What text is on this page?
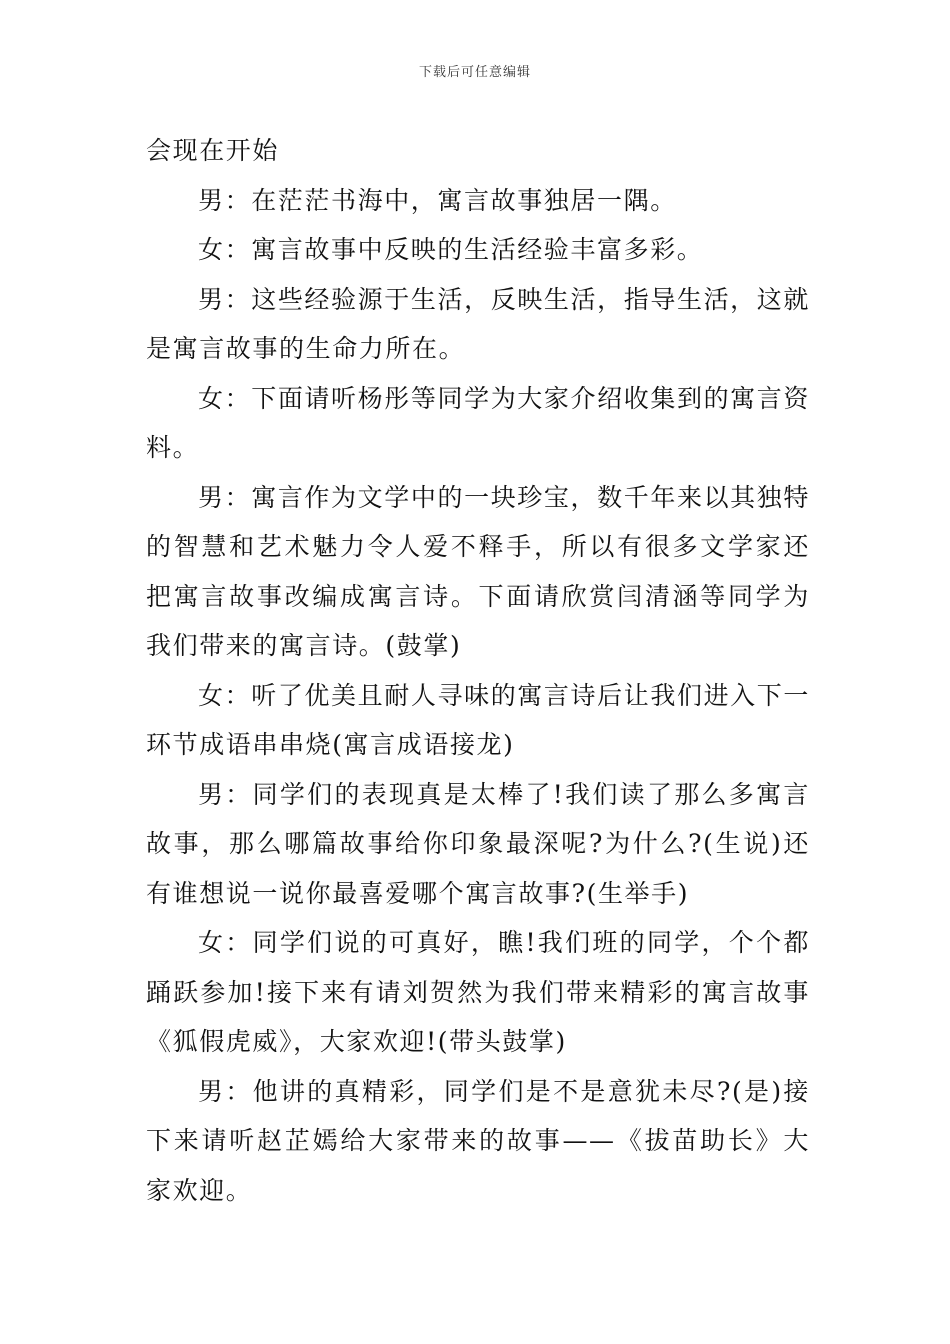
下载后可任意编辑

会现在开始

男：在茫茫书海中，寓言故事独居一隅。

女：寓言故事中反映的生活经验丰富多彩。

男：这些经验源于生活，反映生活，指导生活，这就是寓言故事的生命力所在。

女：下面请听杨彤等同学为大家介绍收集到的寓言资料。

男：寓言作为文学中的一块珍宝，数千年来以其独特的智慧和艺术魅力令人爱不释手，所以有很多文学家还把寓言故事改编成寓言诗。下面请欣赏闫清涵等同学为我们带来的寓言诗。(鼓掌)

女：听了优美且耐人寻味的寓言诗后让我们进入下一环节成语串串烧(寓言成语接龙)

男：同学们的表现真是太棒了!我们读了那么多寓言故事，那么哪篇故事给你印象最深呢?为什么?(生说)还有谁想说一说你最喜爱哪个寓言故事?(生举手)

女：同学们说的可真好，瞧!我们班的同学，个个都踊跃参加!接下来有请刘贺然为我们带来精彩的寓言故事《狐假虎威》，大家欢迎!(带头鼓掌)

男：他讲的真精彩，同学们是不是意犹未尽?(是)接下来请听赵芷嫣给大家带来的故事——《拔苗助长》大家欢迎。
